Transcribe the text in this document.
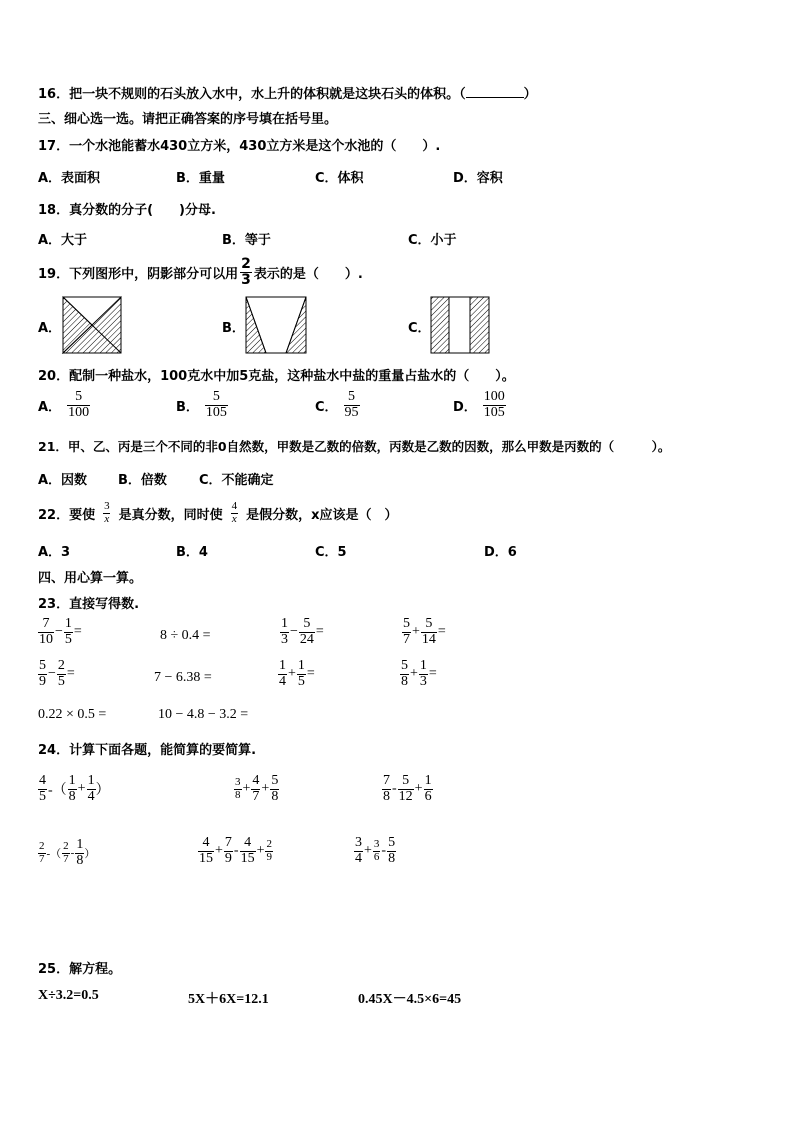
16．把一块不规则的石头放入水中，水上升的体积就是这块石头的体积。（	）
三、细心选一选。请把正确答案的序号填在括号里。
17．一个水池能蓄水430立方米，430立方米是这个水池的（　　）.
A．表面积	B．重量	C．体积	D．容积
18．真分数的分子(　　)分母.
A．大于	B．等于	C．小于
19．下列图形中，阴影部分可以用 $\frac{2}{3}$ 表示的是（　　）.
A．	B．	C．
20．配制一种盐水，100克水中加5克盐，这种盐水中盐的重量占盐水的（　　）。
A． $\frac{5}{100}$	B． $\frac{5}{105}$	C． $\frac{5}{95}$	D． $\frac{100}{105}$
21．甲、乙、丙是三个不同的非0自然数，甲数是乙数的倍数，丙数是乙数的因数，那么甲数是丙数的（　　　）。
A．因数 B．倍数 C．不能确定
22．要使 $\frac{3}{x}$ 是真分数，同时使 $\frac{4}{x}$ 是假分数，x应该是（　）
A．3	B．4	C．5	D．6
四、用心算一算。
23．直接写得数.
$\frac{7}{10} - \frac{1}{5}$ =	8 ÷ 0.4 =	$\frac{1}{3} - \frac{5}{24}$ =	$\frac{5}{7} + \frac{5}{14}$ =
$\frac{5}{9} - \frac{2}{5}$ =	7 − 6.38 =	$\frac{1}{4} + \frac{1}{5}$ =	$\frac{5}{8} + \frac{1}{3}$ =
0.22 × 0.5 =	10 − 4.8 − 3.2 =
24．计算下面各题，能简算的要简算.
$\frac{4}{5}$ -（ $\frac{1}{8} + \frac{1}{4}$ ）	$\frac{3}{8} + \frac{4}{7} + \frac{5}{8}$	$\frac{7}{8} - \frac{5}{12} + \frac{1}{6}$
$\frac{2}{7}$ -（ $\frac{2}{7} - \frac{1}{8}$ ）	$\frac{4}{15} + \frac{7}{9} - \frac{4}{15} + \frac{2}{9}$	$\frac{3}{4} + \frac{3}{6} - \frac{5}{8}$
25．解方程。
X÷3.2=0.5	5X＋6X=12.1	0.45X－4.5×6=45
